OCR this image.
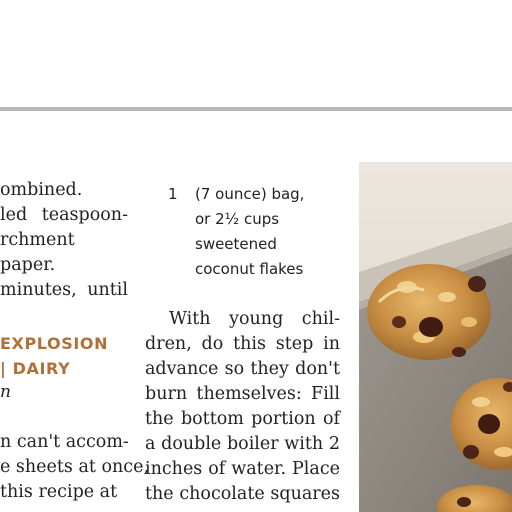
ombined.
led teaspoon-
rchment paper.
minutes, until
EXPLOSION
| DAIRY
n
n can't accom-
e sheets at once,
this recipe at
1 (7 ounce) bag,
or 2½ cups
sweetened
coconut flakes
With young chil-
dren, do this step in
advance so they don't
burn themselves: Fill
the bottom portion of
a double boiler with 2
inches of water. Place
the chocolate squares
